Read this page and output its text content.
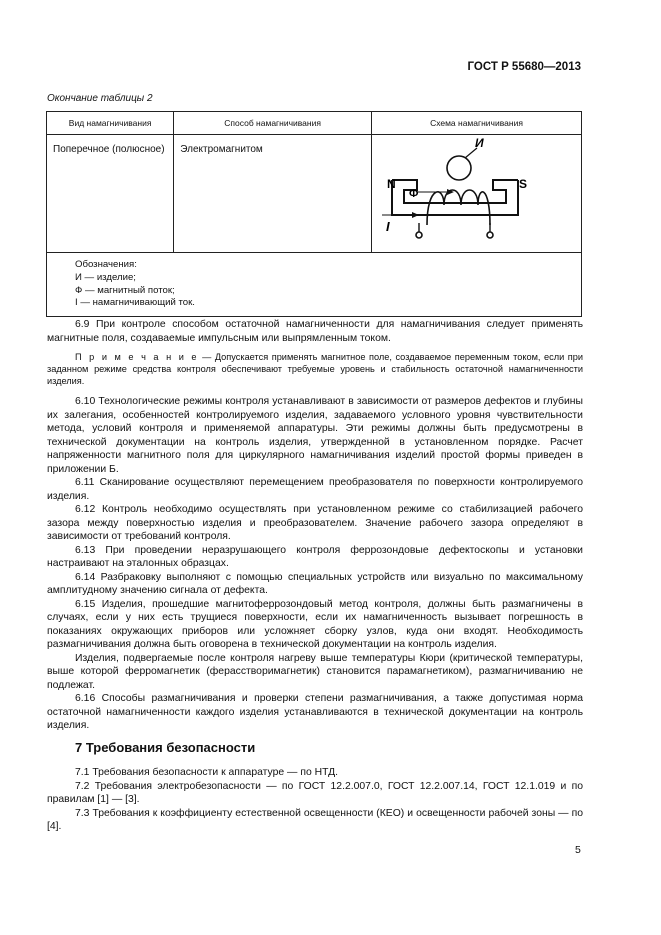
ГОСТ Р 55680—2013
Окончание таблицы 2
Вид намагничивания	Способ намагничивания	Схема намагничивания
Поперечное (полюсное)	Электромагнитом	N S
И
Ф
I

Обозначения:
И — изделие;
Ф — магнитный поток;
I — намагничивающий ток.		

6.9 При контроле способом остаточной намагниченности для намагничивания следует применять магнитные поля, создаваемые импульсным или выпрямленным током.

П р и м е ч а н и е — Допускается применять магнитное поле, создаваемое переменным током, если при заданном режиме средства контроля обеспечивают требуемые уровень и стабильность остаточной намагниченности изделия.

6.10 Технологические режимы контроля устанавливают в зависимости от размеров дефектов и глубины их залегания, особенностей контролируемого изделия, задаваемого условного уровня чувствительности метода, условий контроля и применяемой аппаратуры. Эти режимы должны быть предусмотрены в технической документации на контроль изделия, утвержденной в установленном порядке. Расчет напряженности магнитного поля для циркулярного намагничивания изделий простой формы приведен в приложении Б.

6.11 Сканирование осуществляют перемещением преобразователя по поверхности контролируемого изделия.

6.12 Контроль необходимо осуществлять при установленном режиме со стабилизацией рабочего зазора между поверхностью изделия и преобразователем. Значение рабочего зазора определяют в зависимости от требований контроля.

6.13 При проведении неразрушающего контроля феррозондовые дефектоскопы и установки настраивают на эталонных образцах.

6.14 Разбраковку выполняют с помощью специальных устройств или визуально по максимальному амплитудному значению сигнала от дефекта.

6.15 Изделия, прошедшие магнитоферрозондовый метод контроля, должны быть размагничены в случаях, если у них есть трущиеся поверхности, если их намагниченность вызывает погрешность в показаниях окружающих приборов или усложняет сборку узлов, куда они входят. Необходимость размагничивания должна быть оговорена в технической документации на контроль изделия.

Изделия, подвергаемые после контроля нагреву выше температуры Кюри (критической температуры, выше которой ферромагнетик (ферасстворимагнетик) становится парамагнетиком), размагничиванию не подлежат.

6.16 Способы размагничивания и проверки степени размагничивания, а также допустимая норма остаточной намагниченности каждого изделия устанавливаются в технической документации на контроль изделия.

7 Требования безопасности

7.1 Требования безопасности к аппаратуре — по НТД.

7.2 Требования электробезопасности — по ГОСТ 12.2.007.0, ГОСТ 12.2.007.14, ГОСТ 12.1.019 и по правилам [1] — [3].

7.3 Требования к коэффициенту естественной освещенности (КЕО) и освещенности рабочей зоны — по [4].

5
